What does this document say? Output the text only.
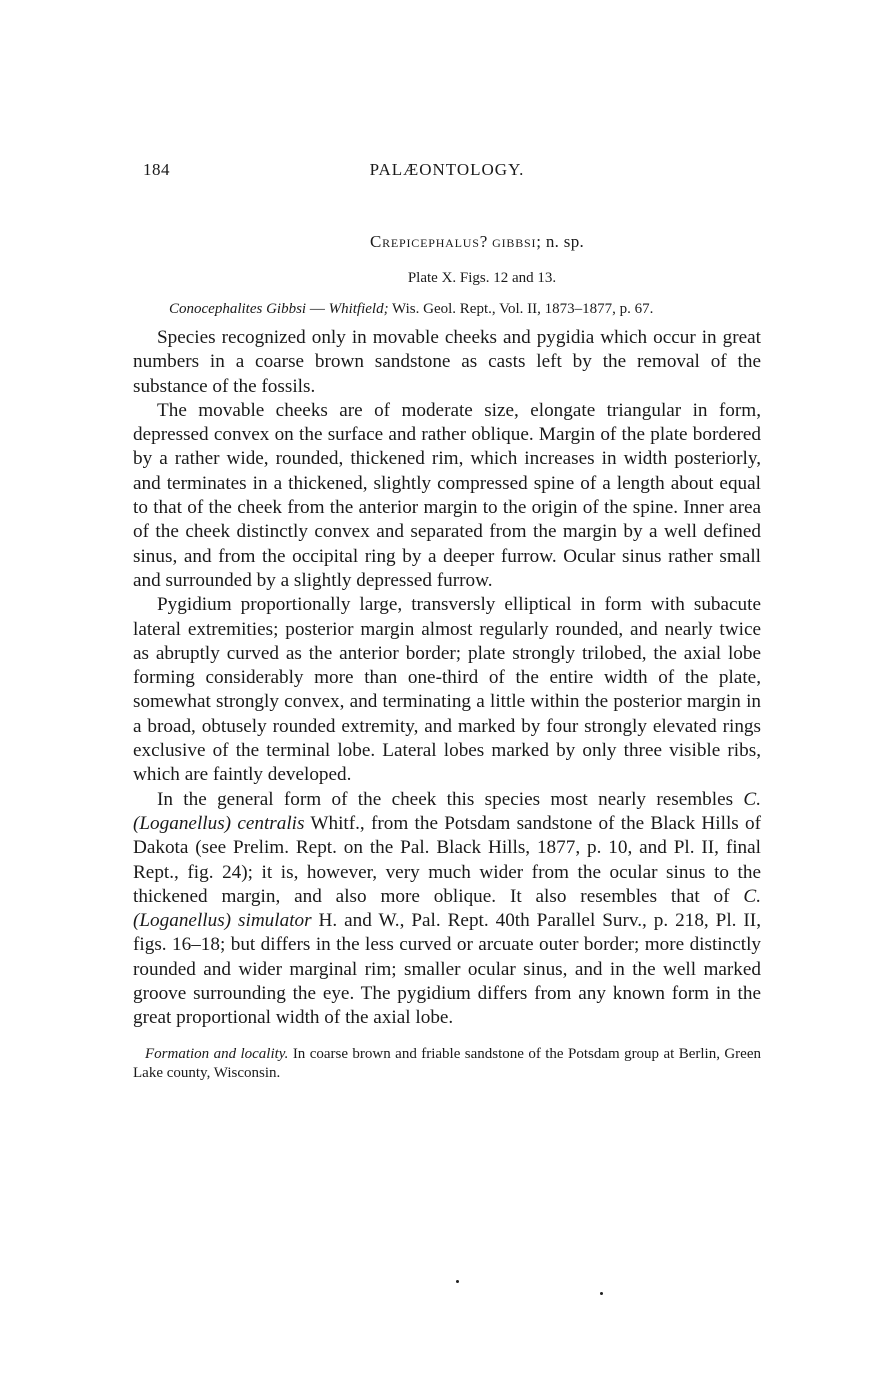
184	PALÆONTOLOGY.
Crepicephalus? gibbsi; n. sp.
Plate X. Figs. 12 and 13.
Conocephalites Gibbsi — Whitfield; Wis. Geol. Rept., Vol. II, 1873–1877, p. 67.

Species recognized only in movable cheeks and pygidia which occur in great numbers in a coarse brown sandstone as casts left by the removal of the substance of the fossils.

The movable cheeks are of moderate size, elongate triangular in form, depressed convex on the surface and rather oblique. Margin of the plate bordered by a rather wide, rounded, thickened rim, which increases in width posteriorly, and terminates in a thickened, slightly compressed spine of a length about equal to that of the cheek from the anterior margin to the origin of the spine. Inner area of the cheek distinctly convex and separated from the margin by a well defined sinus, and from the occipital ring by a deeper furrow. Ocular sinus rather small and surrounded by a slightly depressed furrow.

Pygidium proportionally large, transversly elliptical in form with subacute lateral extremities; posterior margin almost regularly rounded, and nearly twice as abruptly curved as the anterior border; plate strongly trilobed, the axial lobe forming considerably more than one-third of the entire width of the plate, somewhat strongly convex, and terminating a little within the posterior margin in a broad, obtusely rounded extremity, and marked by four strongly elevated rings exclusive of the terminal lobe. Lateral lobes marked by only three visible ribs, which are faintly developed.

In the general form of the cheek this species most nearly resembles C. (Loganellus) centralis Whitf., from the Potsdam sandstone of the Black Hills of Dakota (see Prelim. Rept. on the Pal. Black Hills, 1877, p. 10, and Pl. II, final Rept., fig. 24); it is, however, very much wider from the ocular sinus to the thickened margin, and also more oblique. It also resembles that of C. (Loganellus) simulator H. and W., Pal. Rept. 40th Parallel Surv., p. 218, Pl. II, figs. 16–18; but differs in the less curved or arcuate outer border; more distinctly rounded and wider marginal rim; smaller ocular sinus, and in the well marked groove surrounding the eye. The pygidium differs from any known form in the great proportional width of the axial lobe.

Formation and locality. In coarse brown and friable sandstone of the Potsdam group at Berlin, Green Lake county, Wisconsin.
